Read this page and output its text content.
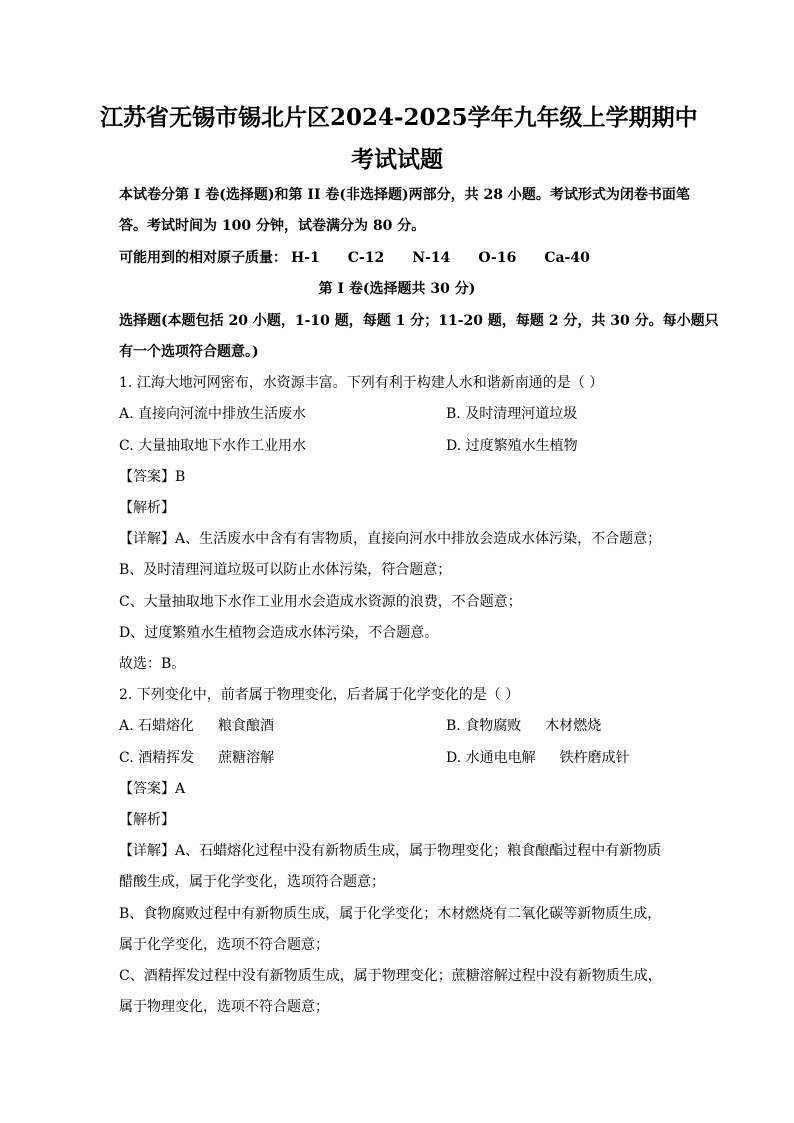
江苏省无锡市锡北片区2024-2025学年九年级上学期期中
考试试题
本试卷分第 I 卷(选择题)和第 II 卷(非选择题)两部分，共 28 小题。考试形式为闭卷书面笔
答。考试时间为 100 分钟，试卷满分为 80 分。
可能用到的相对原子质量： H-1 C-12 N-14 O-16 Ca-40
第 I 卷(选择题共 30 分)
选择题(本题包括 20 小题，1-10 题，每题 1 分；11-20 题，每题 2 分，共 30 分。每小题只
有一个选项符合题意。)
1. 江海大地河网密布，水资源丰富。下列有利于构建人水和谐新南通的是（ ）
A. 直接向河流中排放生活废水	B. 及时清理河道垃圾
C. 大量抽取地下水作工业用水	D. 过度繁殖水生植物
【答案】B
【解析】
【详解】A、生活废水中含有有害物质，直接向河水中排放会造成水体污染，不合题意；
B、及时清理河道垃圾可以防止水体污染，符合题意；
C、大量抽取地下水作工业用水会造成水资源的浪费，不合题意；
D、过度繁殖水生植物会造成水体污染，不合题意。
故选：B。
2. 下列变化中，前者属于物理变化，后者属于化学变化的是（ ）
A. 石蜡熔化 粮食酿酒	B. 食物腐败 木材燃烧
C. 酒精挥发 蔗糖溶解	D. 水通电电解 铁杵磨成针
【答案】A
【解析】
【详解】A、石蜡熔化过程中没有新物质生成，属于物理变化；粮食酿酯过程中有新物质
醋酸生成，属于化学变化，选项符合题意；
B、食物腐败过程中有新物质生成，属于化学变化；木材燃烧有二氧化碳等新物质生成，
属于化学变化，选项不符合题意；
C、酒精挥发过程中没有新物质生成，属于物理变化；蔗糖溶解过程中没有新物质生成，
属于物理变化，选项不符合题意；
